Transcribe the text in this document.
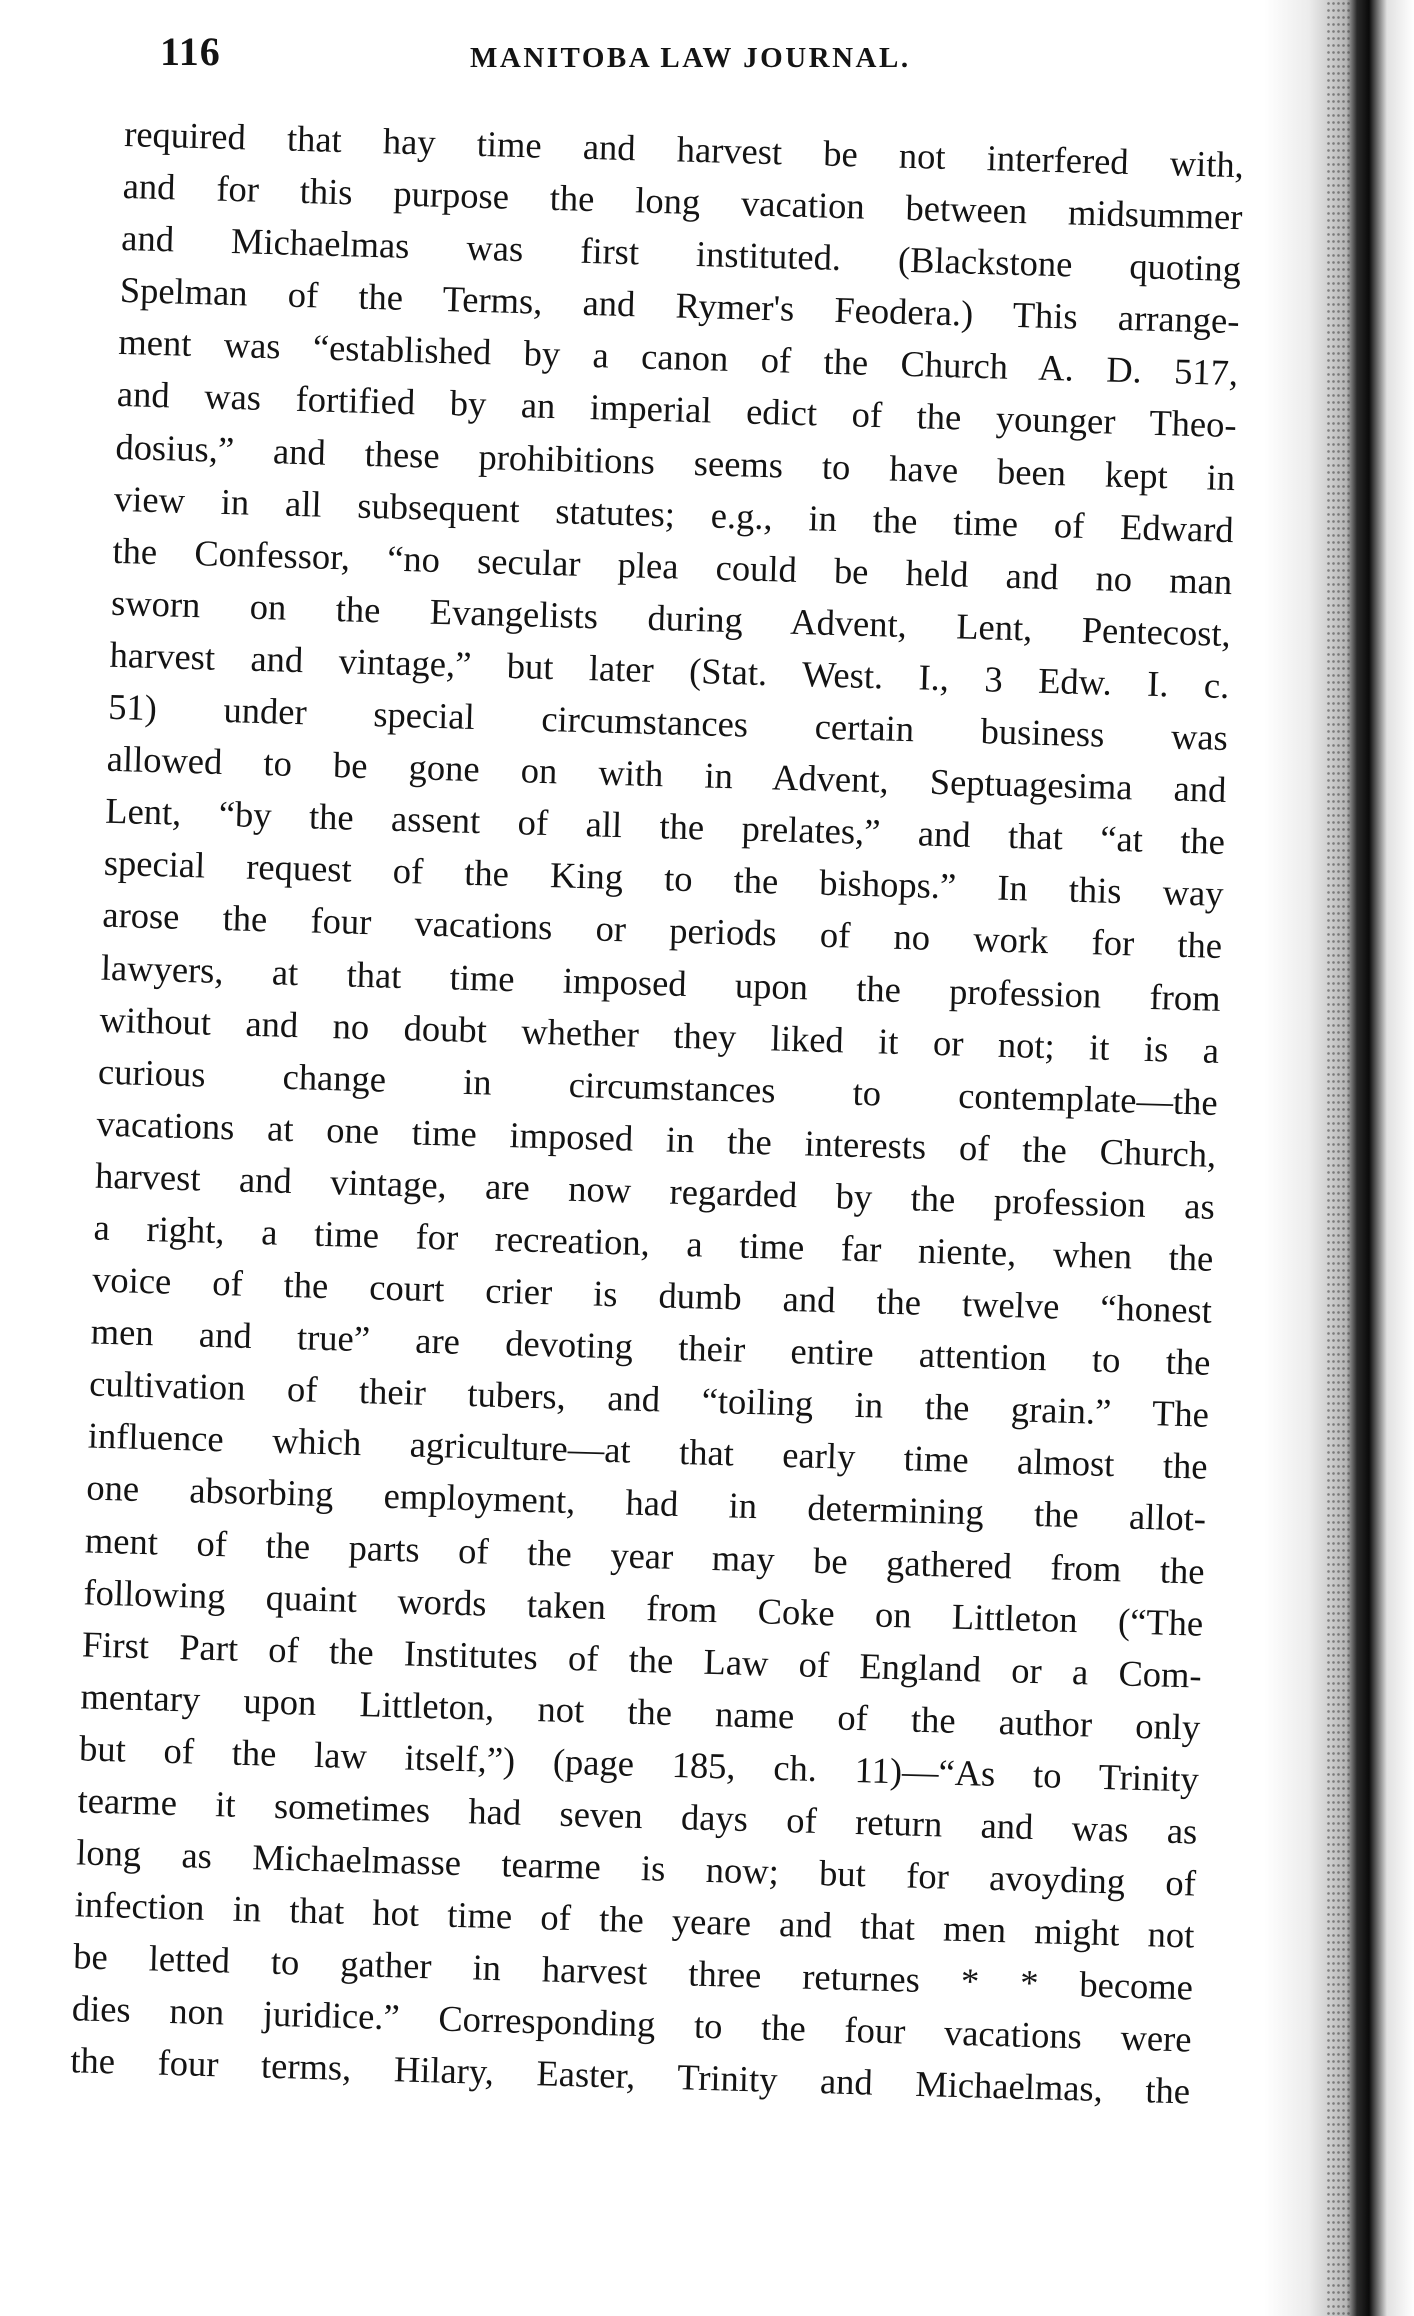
116	MANITOBA LAW JOURNAL.
required that hay time and harvest be not interfered with,
and for this purpose the long vacation between midsummer
and Michaelmas was first instituted. (Blackstone quoting
Spelman of the Terms, and Rymer's Feodera.) This arrange-
ment was “established by a canon of the Church A. D. 517,
and was fortified by an imperial edict of the younger Theo-
dosius,” and these prohibitions seems to have been kept in
view in all subsequent statutes; e.g., in the time of Edward
the Confessor, “no secular plea could be held and no man
sworn on the Evangelists during Advent, Lent, Pentecost,
harvest and vintage,” but later (Stat. West. I., 3 Edw. I. c.
51) under special circumstances certain business was
allowed to be gone on with in Advent, Septuagesima and
Lent, “by the assent of all the prelates,” and that “at the
special request of the King to the bishops.” In this way
arose the four vacations or periods of no work for the
lawyers, at that time imposed upon the profession from
without and no doubt whether they liked it or not; it is a
curious change in circumstances to contemplate—the
vacations at one time imposed in the interests of the Church,
harvest and vintage, are now regarded by the profession as
a right, a time for recreation, a time far niente, when the
voice of the court crier is dumb and the twelve “honest
men and true” are devoting their entire attention to the
cultivation of their tubers, and “toiling in the grain.” The
influence which agriculture—at that early time almost the
one absorbing employment, had in determining the allot-
ment of the parts of the year may be gathered from the
following quaint words taken from Coke on Littleton (“The
First Part of the Institutes of the Law of England or a Com-
mentary upon Littleton, not the name of the author only
but of the law itself,”) (page 185, ch. 11)—“As to Trinity
tearme it sometimes had seven days of return and was as
long as Michaelmasse tearme is now; but for avoyding of
infection in that hot time of the yeare and that men might not
be letted to gather in harvest three returnes * * become
dies non juridice.” Corresponding to the four vacations were
the four terms, Hilary, Easter, Trinity and Michaelmas, the
